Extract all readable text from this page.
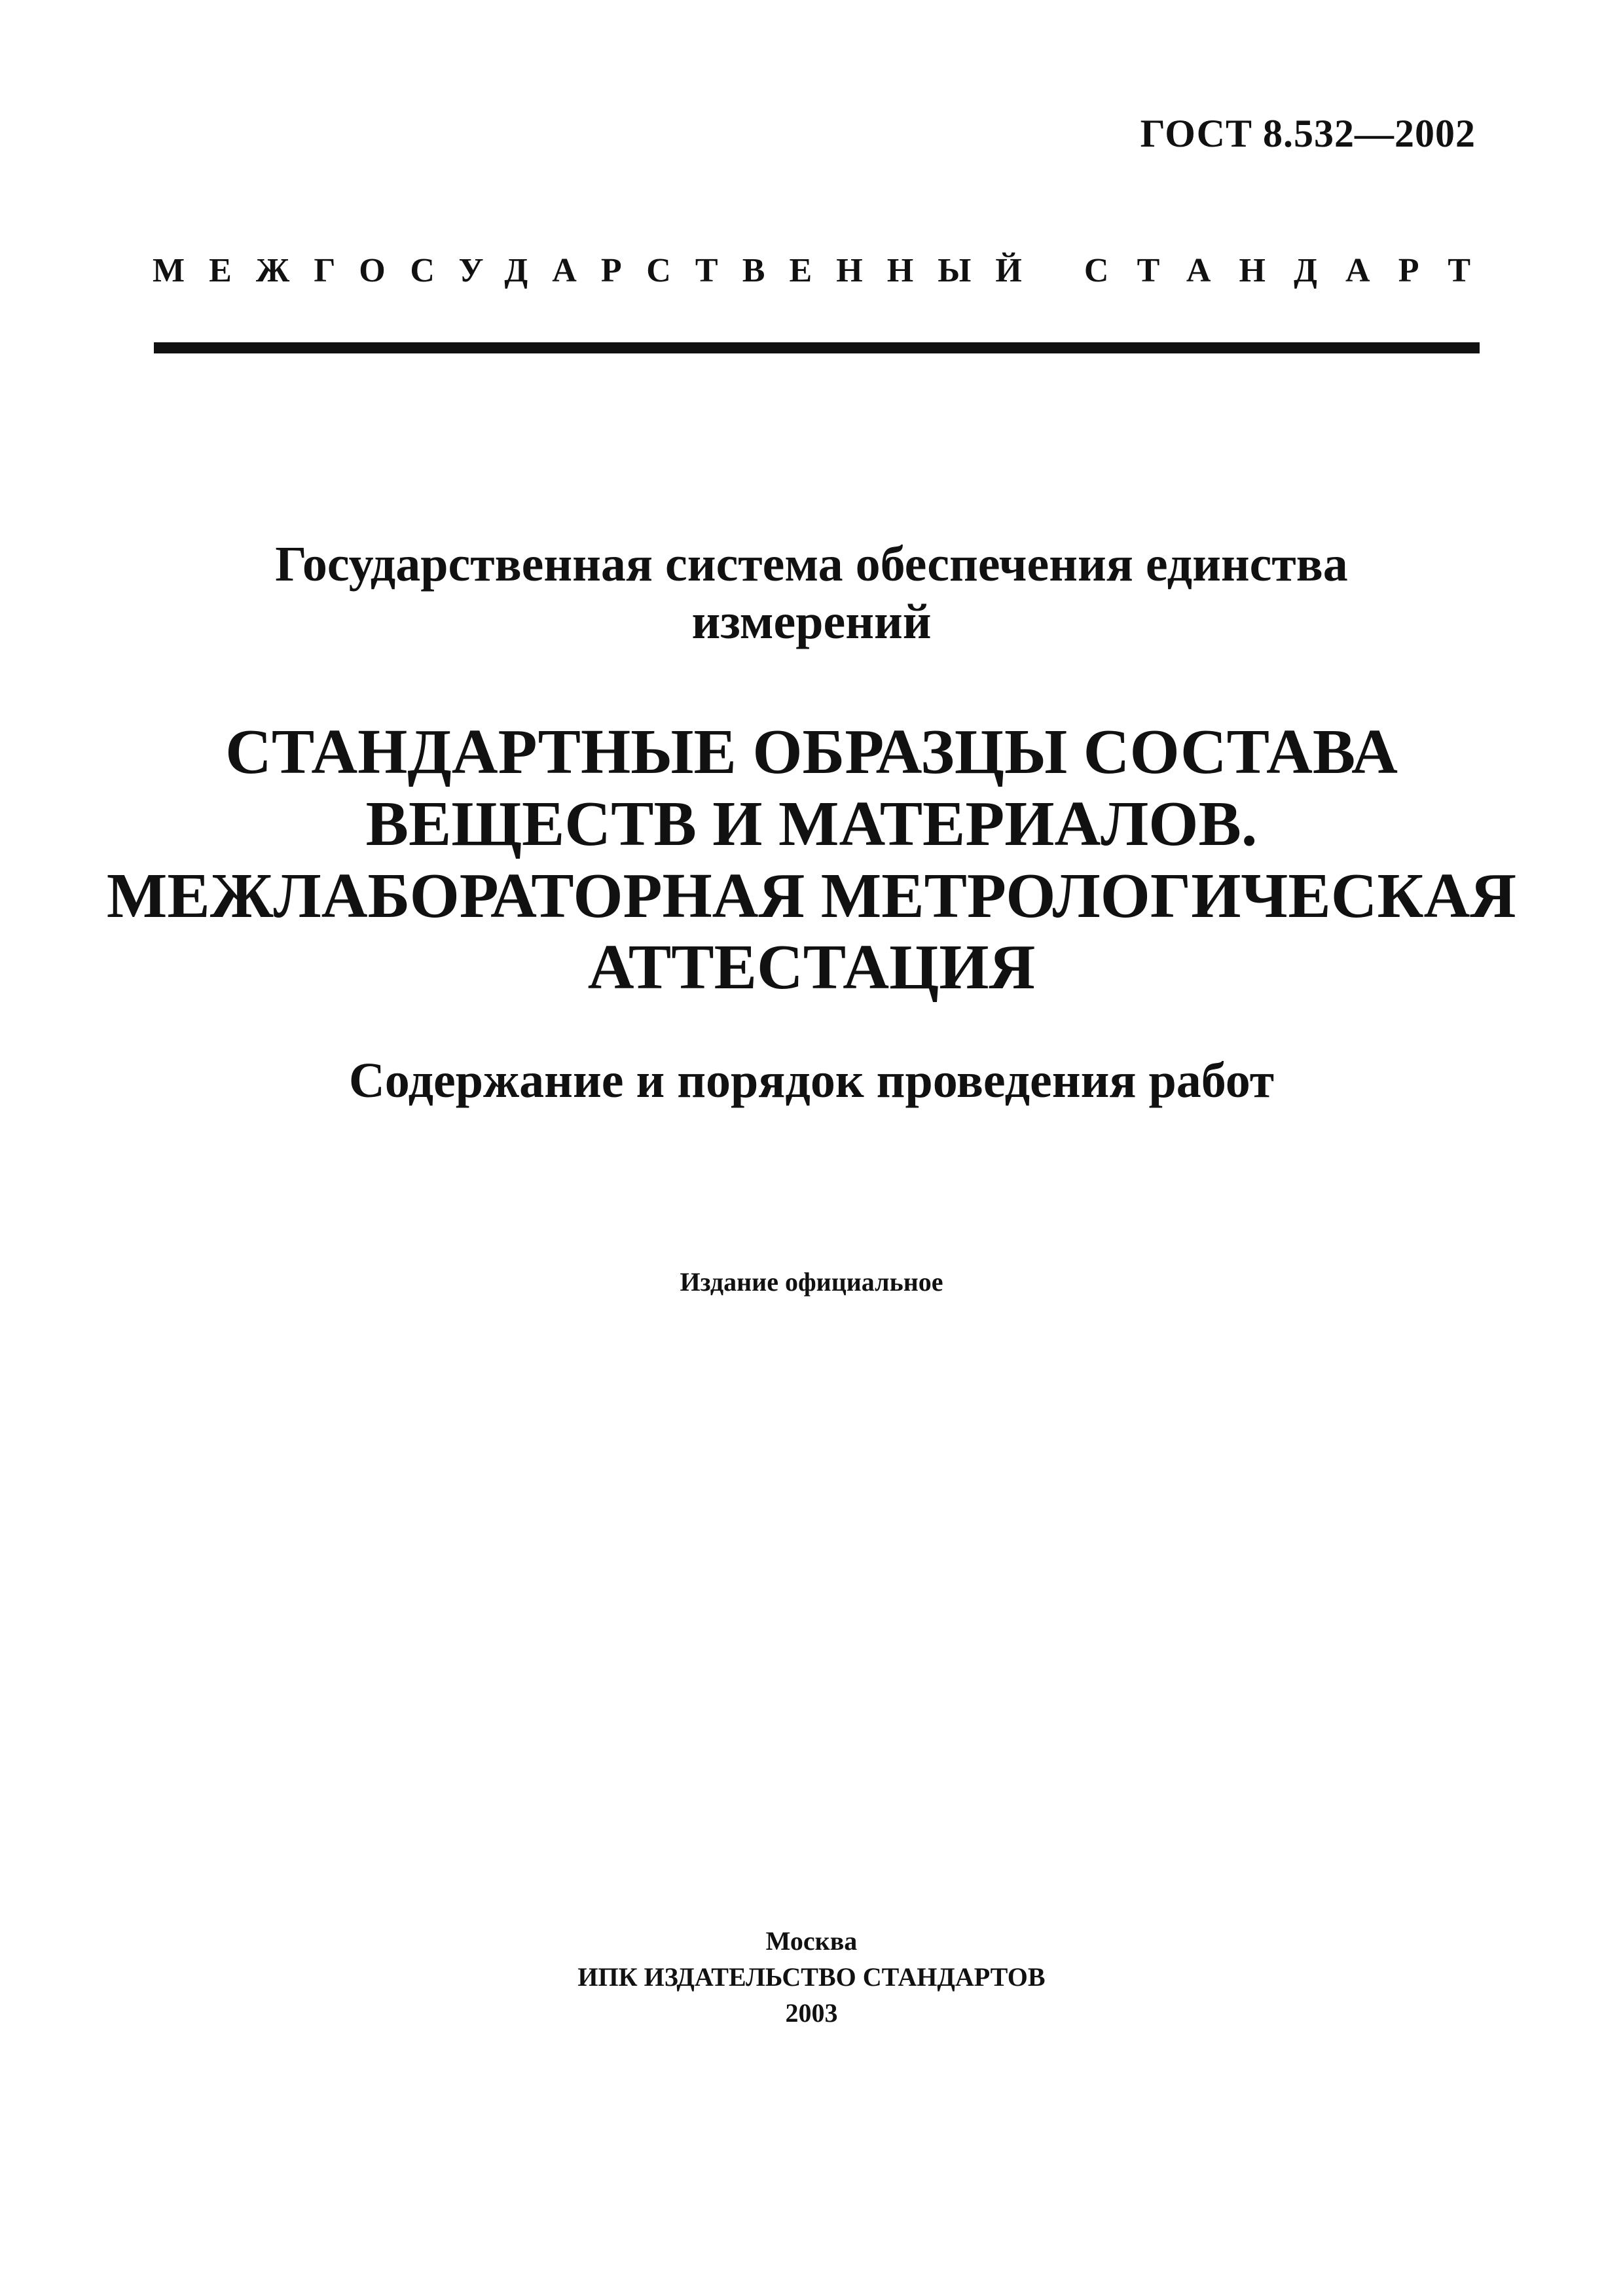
ГОСТ 8.532—2002
МЕЖГОСУДАРСТВЕННЫЙ СТАНДАРТ
Государственная система обеспечения единства
измерений
СТАНДАРТНЫЕ ОБРАЗЦЫ СОСТАВА
ВЕЩЕСТВ И МАТЕРИАЛОВ.
МЕЖЛАБОРАТОРНАЯ МЕТРОЛОГИЧЕСКАЯ
АТТЕСТАЦИЯ
Содержание и порядок проведения работ
Издание официальное
Москва
ИПК ИЗДАТЕЛЬСТВО СТАНДАРТОВ
2003
